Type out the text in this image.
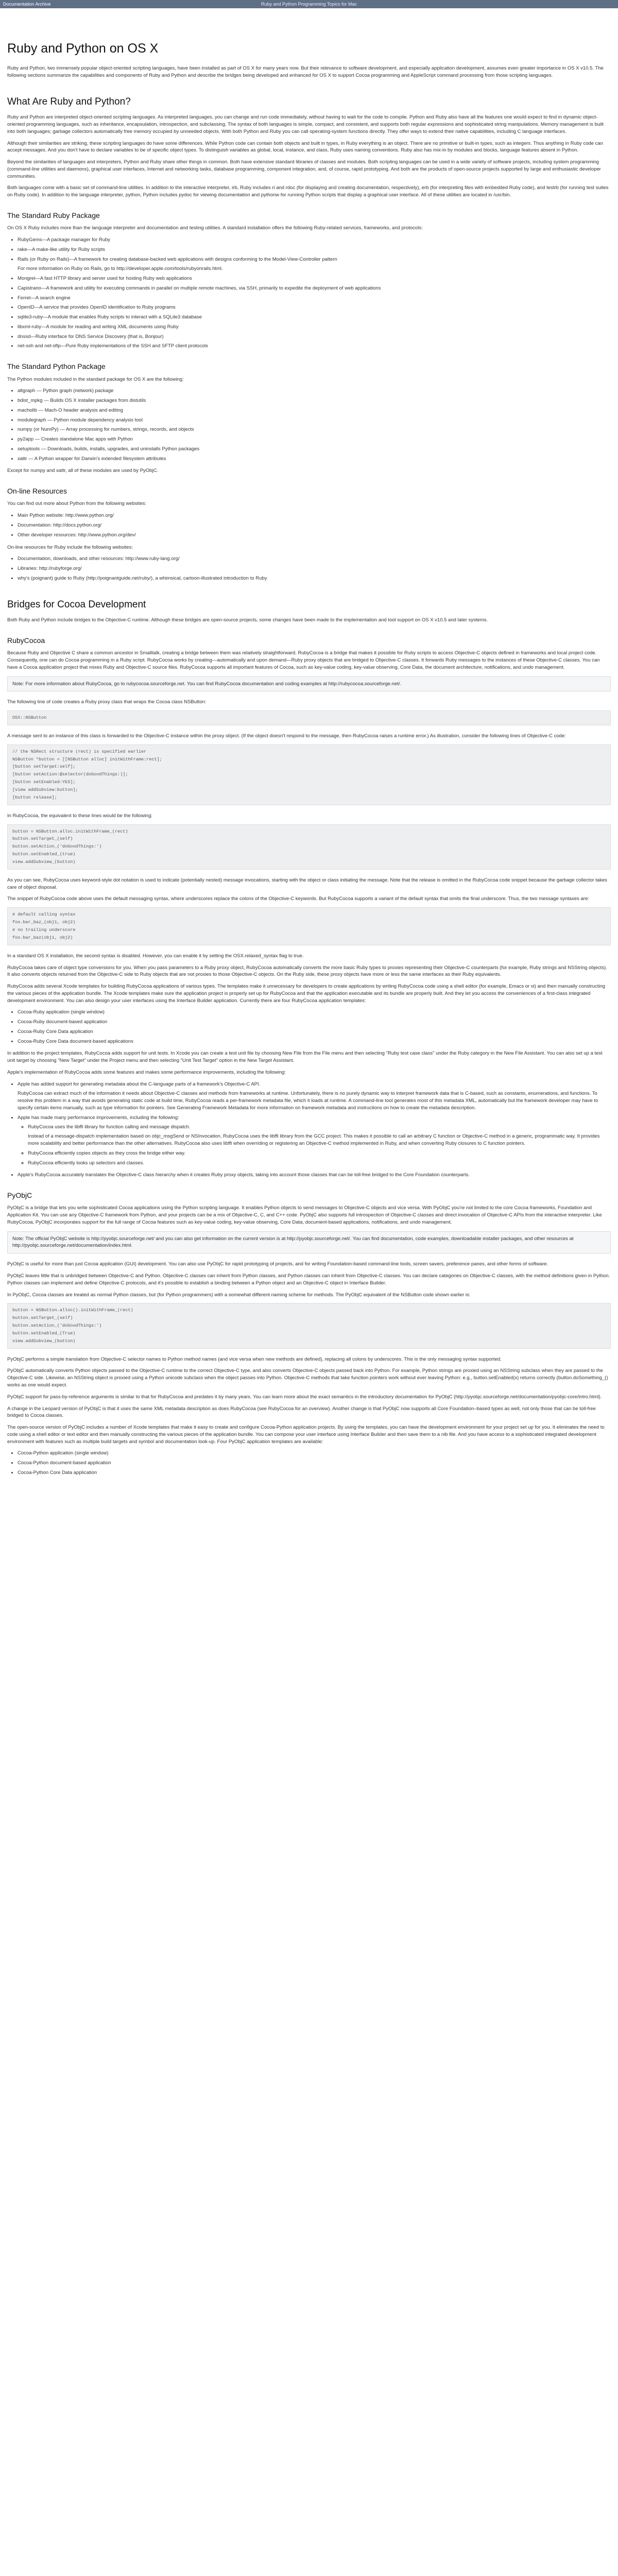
Documentation Archive	Ruby and Python Programming Topics for Mac
Ruby and Python on OS X

Ruby and Python, two immensely popular object-oriented scripting languages, have been installed as part of OS X for many years now. But their relevance to software development, and especially application development, assumes even greater importance in OS X v10.5. The following sections summarize the capabilities and components of Ruby and Python and describe the bridges being developed and enhanced for OS X to support Cocoa programming and AppleScript command processing from those scripting languages.

What Are Ruby and Python?

Ruby and Python are interpreted object-oriented scripting languages. As interpreted languages, you can change and run code immediately, without having to wait for the code to compile. Python and Ruby also have all the features one would expect to find in dynamic object-oriented programming languages, such as inheritance, encapsulation, introspection, and subclassing. The syntax of both languages is simple, compact, and consistent, and supports both regular expressions and sophisticated string manipulations. Memory management is built into both languages; garbage collectors automatically free memory occupied by unneeded objects. With both Python and Ruby you can call operating-system functions directly. They offer ways to extend their native capabilities, including C language interfaces.

Although their similarities are striking, these scripting languages do have some differences. While Python code can contain both objects and built in types, in Ruby everything is an object. There are no primitive or built-in types, such as integers. Thus anything in Ruby code can accept messages. And you don't have to declare variables to be of specific object types. To distinguish variables as global, local, instance, and class, Ruby uses naming conventions. Ruby also has mix-in by modules and blocks, language features absent in Python.

Beyond the similarities of languages and interpreters, Python and Ruby share other things in common. Both have extensive standard libraries of classes and modules. Both scripting languages can be used in a wide variety of software projects, including system programming (command-line utilities and daemons), graphical user interfaces, Internet and networking tasks, database programming, component integration, and, of course, rapid prototyping. And both are the products of open-source projects supported by large and enthusiastic developer communities.

Both languages come with a basic set of command-line utilities. In addition to the interactive interpreter, irb, Ruby includes ri and rdoc (for displaying and creating documentation, respectively), erb (for interpreting files with embedded Ruby code), and testrb (for running test suites on Ruby code). In addition to the language interpreter, python, Python includes pydoc for viewing documentation and pythonw for running Python scripts that display a graphical user interface. All of these utilities are located in /usr/bin.

The Standard Ruby Package

On OS X Ruby includes more than the language interpreter and documentation and testing utilities. A standard installation offers the following Ruby-related services, frameworks, and protocols:

• RubyGems—A package manager for Ruby
• rake—A make-like utility for Ruby scripts
• Rails (or Ruby on Rails)—A framework for creating database-backed web applications with designs conforming to the Model-View-Controller pattern

For more information on Ruby on Rails, go to http://developer.apple.com/tools/rubyonrails.html.

• Mongrel—A fast HTTP library and server used for hosting Ruby web applications
• Capistrano—A framework and utility for executing commands in parallel on multiple remote machines, via SSH, primarily to expedite the deployment of web applications
• Ferret—A search engine
• OpenID—A service that provides OpenID identification to Ruby programs
• sqlite3-ruby—A module that enables Ruby scripts to interact with a SQLite3 database
• libxml-ruby—A module for reading and writing XML documents using Ruby
• dnssd—Ruby interface for DNS Service Discovery (that is, Bonjour)
• net-ssh and net-sftp—Pure Ruby implementations of the SSH and SFTP client protocols
The Standard Python Package

The Python modules included in the standard package for OS X are the following:

• altgraph — Python graph (network) package
• bdist_mpkg — Builds OS X installer packages from distutils
• macholib — Mach-O header analysis and editing
• modulegraph — Python module dependency analysis tool
• numpy (or NumPy) — Array processing for numbers, strings, records, and objects
• py2app — Creates standalone Mac apps with Python
• setuptools — Downloads, builds, installs, upgrades, and uninstalls Python packages
• xattr — A Python wrapper for Darwin's extended filesystem attributes

Except for numpy and xattr, all of these modules are used by PyObjC.

On-line Resources

You can find out more about Python from the following websites:

• Main Python website: http://www.python.org/
• Documentation: http://docs.python.org/
• Other developer resources: http://www.python.org/dev/

On-line resources for Ruby include the following websites:

• Documentation, downloads, and other resources: http://www.ruby-lang.org/
• Libraries: http://rubyforge.org/
• why's (poignant) guide to Ruby (http://poignantguide.net/ruby/), a whimsical, cartoon-illustrated introduction to Ruby
Bridges for Cocoa Development

Both Ruby and Python include bridges to the Objective-C runtime. Although these bridges are open-source projects, some changes have been made to the implementation and tool support on OS X v10.5 and later systems.

RubyCocoa

Because Ruby and Objective C share a common ancestor in Smalltalk, creating a bridge between them was relatively straightforward. RubyCocoa is a bridge that makes it possible for Ruby scripts to access Objective-C objects defined in frameworks and local project code. Consequently, one can do Cocoa programming in a Ruby script. RubyCocoa works by creating—automatically and upon demand—Ruby proxy objects that are bridged to Objective-C classes. It forwards Ruby messages to the instances of these Objective-C classes. You can have a Cocoa application project that mixes Ruby and Objective-C source files. RubyCocoa supports all important features of Cocoa, such as key-value coding, key-value observing, Core Data, the document architecture, notifications, and undo management.

Note: For more information about RubyCocoa, go to rubycocoa.sourceforge.net. You can find RubyCocoa documentation and coding examples at http://rubycocoa.sourceforge.net/.

The following line of code creates a Ruby proxy class that wraps the Cocoa class NSButton:

OSX::NSButton

A message sent to an instance of this class is forwarded to the Objective-C instance within the proxy object. (If the object doesn't respond to the message, then RubyCocoa raises a runtime error.) As illustration, consider the following lines of Objective-C code:

// the NSRect structure (rect) is specified earlier
NSButton *button = [[NSButton alloc] initWithFrame:rect];
[button setTarget:self];
[button setAction:@selector(doGoodThings:)];
[button setEnabled:YES];
[view addSubview:button];
[button release];

In RubyCocoa, the equivalent to these lines would be the following:

button = NSButton.alloc.initWithFrame_(rect)
button.setTarget_(self)
button.setAction_('doGoodThings:')
button.setEnabled_(true)
view.addSubview_(button)

As you can see, RubyCocoa uses keyword-style dot notation is used to indicate (potentially nested) message invocations, starting with the object or class initiating the message. Note that the release is omitted in the RubyCocoa code snippet because the garbage collector takes care of object disposal.

The snippet of RubyCocoa code above uses the default messaging syntax, where underscores replace the colons of the Objective-C keywords. But RubyCocoa supports a variant of the default syntax that omits the final underscore. Thus, the two message syntaxes are:

# default calling syntax
foo.bar_baz_(obj1, obj2)
# no trailing underscore
foo.bar_baz(obj1, obj2)

In a standard OS X installation, the second syntax is disabled. However, you can enable it by setting the OSX.relaxed_syntax flag to true.

RubyCocoa takes care of object type conversions for you. When you pass parameters to a Ruby proxy object, RubyCocoa automatically converts the more basic Ruby types to proxies representing their Objective-C counterparts (for example, Ruby strings and NSString objects). It also converts objects returned from the Objective-C side to Ruby objects that are not proxies to those Objective-C objects. On the Ruby side, these proxy objects have more or less the same interfaces as their Ruby equivalents.

RubyCocoa adds several Xcode templates for building RubyCocoa applications of various types. The templates make it unnecessary for developers to create applications by writing RubyCocoa code using a shell editor (for example, Emacs or vi) and then manually constructing the various pieces of the application bundle. The Xcode templates make sure the application project is properly set up for RubyCocoa and that the application executable and its bundle are properly built. And they let you access the conveniences of a first-class integrated development environment. You can also design your user interfaces using the Interface Builder application. Currently there are four RubyCocoa application templates:

• Cocoa-Ruby application (single window)
• Cocoa-Ruby document-based application
• Cocoa-Ruby Core Data application
• Cocoa-Ruby Core Data document-based applications

In addition to the project templates, RubyCocoa adds support for unit tests. In Xcode you can create a test unit file by choosing New File from the File menu and then selecting "Ruby test case class" under the Ruby category in the New File Assistant. You can also set up a test unit target by choosing "New Target" under the Project menu and then selecting "Unit Test Target" option in the New Target Assistant.

Apple's implementation of RubyCocoa adds some features and makes some performance improvements, including the following:

• Apple has added support for generating metadata about the C-language parts of a framework's Objective-C API.

RubyCocoa can extract much of the information it needs about Objective-C classes and methods from frameworks at runtime. Unfortunately, there is no purely dynamic way to interpret framework data that is C-based, such as constants, enumerations, and functions. To resolve this problem in a way that avoids generating static code at build time, RubyCocoa reads a per-framework metadata file, which it loads at runtime. A command-line tool generates most of this metadata XML, automatically but the framework developer may have to specify certain items manually, such as type information for pointers. See Generating Framework Metadata for more information on framework metadata and instructions on how to create the metadata description.

• Apple has made many performance improvements, including the following:
◦ RubyCocoa uses the libffi library for function calling and message dispatch.
Instead of a message-dispatch implementation based on objc_msgSend or NSInvocation, RubyCocoa uses the libffi library from the GCC project. This makes it possible to call an arbitrary C function or Objective-C method in a generic, programmatic way. It provides more scalability and better performance than the other alternatives. RubyCocoa also uses libffi when overriding or registering an Objective-C method implemented in Ruby, and when converting Ruby closures to C function pointers.
◦ RubyCocoa efficiently copies objects as they cross the bridge either way.
◦ RubyCocoa efficiently looks up selectors and classes.
• Apple's RubyCocoa accurately translates the Objective-C class hierarchy when it creates Ruby proxy objects, taking into account those classes that can be toll-free bridged to the Core Foundation counterparts.
PyObjC

PyObjC is a bridge that lets you write sophisticated Cocoa applications using the Python scripting language. It enables Python objects to send messages to Objective-C objects and vice versa. With PyObjC you're not limited to the core Cocoa frameworks, Foundation and Application Kit. You can use any Objective-C framework from Python, and your projects can be a mix of Objective-C, C, and C++ code. PyObjC also supports full introspection of Objective-C classes and direct invocation of Objective-C APIs from the interactive interpreter. Like RubyCocoa, PyObjC incorporates support for the full range of Cocoa features such as key-value coding, key-value observing, Core Data, document-based applications, notifications, and undo management.

Note: The official PyObjC website is http://pyobjc.sourceforge.net/ and you can also get information on the current version is at http://pyobjc.sourceforge.net/. You can find documentation, code examples, downloadable installer packages, and other resources at http://pyobjc.sourceforge.net/documentation/index.html.

PyObjC is useful for more than just Cocoa application (GUI) development. You can also use PyObjC for rapid prototyping of projects, and for writing Foundation-based command-line tools, screen savers, preference panes, and other forms of software.

PyObjC leaves little that is unbridged between Objective-C and Python. Objective-C classes can inherit from Python classes, and Python classes can inherit from Objective-C classes. You can declare categories on Objective-C classes, with the method definitions given in Python. Python classes can implement and define Objective-C protocols, and it's possible to establish a binding between a Python object and an Objective-C object in Interface Builder.

In PyObjC, Cocoa classes are treated as normal Python classes, but (for Python programmers) with a somewhat different naming scheme for methods. The PyObjC equivalent of the NSButton code shown earlier is:

button = NSButton.alloc().initWithFrame_(rect)
button.setTarget_(self)
button.setAction_('doGoodThings:')
button.setEnabled_(True)
view.addSubview_(button)

PyObjC performs a simple translation from Objective-C selector names to Python method names (and vice versa when new methods are defined), replacing all colons by underscores. This is the only messaging syntax supported.

PyObjC automatically converts Python objects passed to the Objective-C runtime to the correct Objective-C type, and also converts Objective-C objects passed back into Python. For example, Python strings are proxied using an NSString subclass when they are passed to the Objective-C side. Likewise, an NSString object is proxied using a Python unicode subclass when the object passes into Python. Objective-C methods that take function pointers work without ever leaving Python: e.g., button.setEnabled(x) returns correctly (button.doSomething_() works as one would expect.

PyObjC support for pass-by-reference arguments is similar to that for RubyCocoa and predates it by many years. You can learn more about the exact semantics in the introductory documentation for PyObjC (http://pyobjc.sourceforge.net/documentation/pyobjc-core/intro.html).

A change in the Leopard version of PyObjC is that it uses the same XML metadata description as does RubyCocoa (see RubyCocoa for an overview). Another change is that PyObjC now supports all Core Foundation–based types as well, not only those that can be toll-free bridged to Cocoa classes.

The open-source version of PyObjC includes a number of Xcode templates that make it easy to create and configure Cocoa-Python application projects. By using the templates, you can have the development environment for your project set up for you. It eliminates the need to code using a shell editor or text editor and then manually constructing the various pieces of the application bundle. You can compose your user interface using Interface Builder and then save them to a nib file. And you have access to a sophisticated integrated development environment with features such as multiple build targets and symbol and documentation look-up. Four PyObjC application templates are available:

• Cocoa-Python application (single window)
• Cocoa-Python document-based application
• Cocoa-Python Core Data application
